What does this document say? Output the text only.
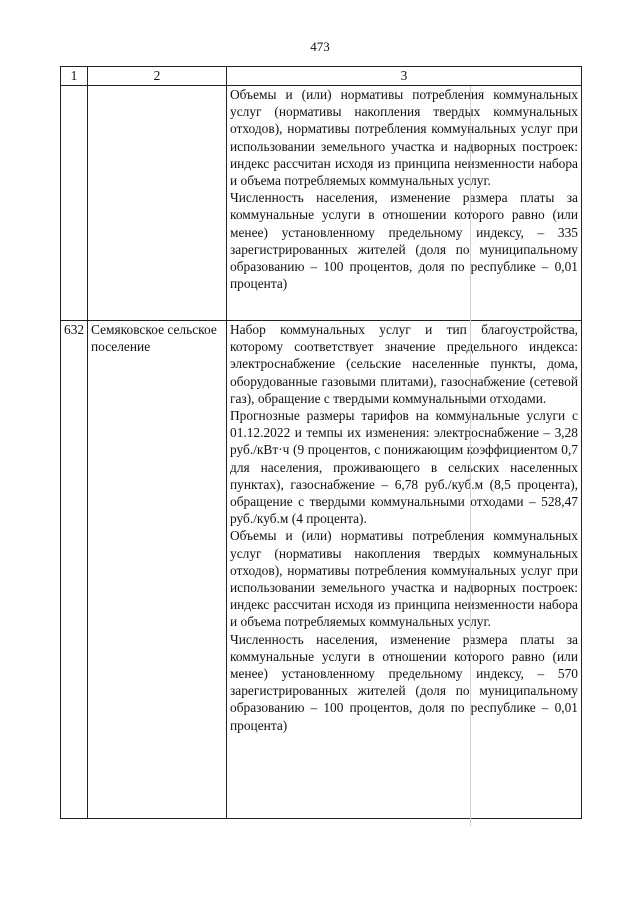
473
1	2	3

		Объемы и (или) нормативы потребления коммунальных услуг (нормативы накопления твердых коммунальных отходов), нормативы потребления коммунальных услуг при использовании земельного участка и надворных построек: индекс рассчитан исходя из принципа неизменности набора и объема потребляемых коммунальных услуг.
Численность населения, изменение размера платы за коммунальные услуги в отношении которого равно (или менее) установленному предельному индексу, – 335 зарегистрированных жителей (доля по муниципальному образованию – 100 процентов, доля по республике – 0,01 процента)

632	Семяковское сельское поселение	Набор коммунальных услуг и тип благоустройства, которому соответствует значение предельного индекса: электроснабжение (сельские населенные пункты, дома, оборудованные газовыми плитами), газоснабжение (сетевой газ), обращение с твердыми коммунальными отходами.
Прогнозные размеры тарифов на коммунальные услуги с 01.12.2022 и темпы их изменения: электроснабжение – 3,28 руб./кВт·ч (9 процентов, с понижающим коэффициентом 0,7 для населения, проживающего в сельских населенных пунктах), газоснабжение – 6,78 руб./куб.м (8,5 процента), обращение с твердыми коммунальными отходами – 528,47 руб./куб.м (4 процента).
Объемы и (или) нормативы потребления коммунальных услуг (нормативы накопления твердых коммунальных отходов), нормативы потребления коммунальных услуг при использовании земельного участка и надворных построек: индекс рассчитан исходя из принципа неизменности набора и объема потребляемых коммунальных услуг.
Численность населения, изменение размера платы за коммунальные услуги в отношении которого равно (или менее) установленному предельному индексу, – 570 зарегистрированных жителей (доля по муниципальному образованию – 100 процентов, доля по республике – 0,01 процента)
